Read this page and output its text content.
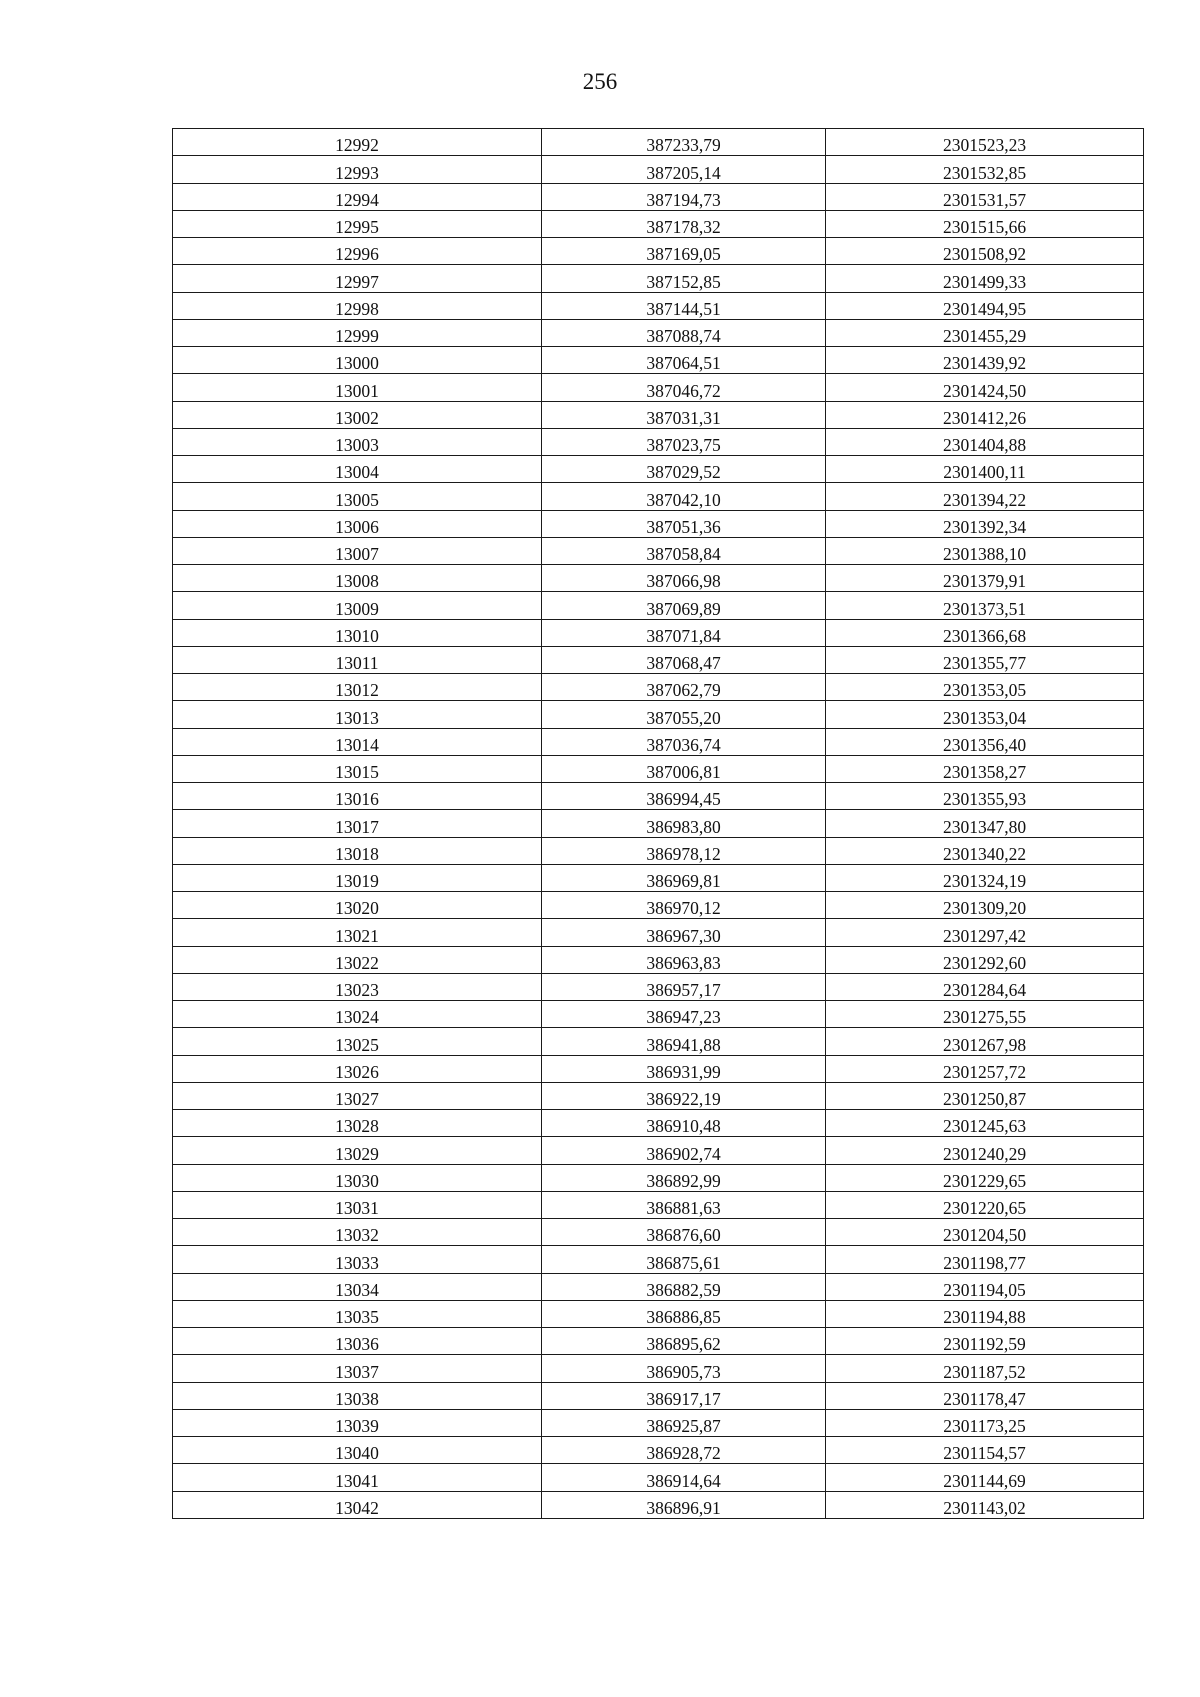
256
12992	387233,79	2301523,23
12993	387205,14	2301532,85
12994	387194,73	2301531,57
12995	387178,32	2301515,66
12996	387169,05	2301508,92
12997	387152,85	2301499,33
12998	387144,51	2301494,95
12999	387088,74	2301455,29
13000	387064,51	2301439,92
13001	387046,72	2301424,50
13002	387031,31	2301412,26
13003	387023,75	2301404,88
13004	387029,52	2301400,11
13005	387042,10	2301394,22
13006	387051,36	2301392,34
13007	387058,84	2301388,10
13008	387066,98	2301379,91
13009	387069,89	2301373,51
13010	387071,84	2301366,68
13011	387068,47	2301355,77
13012	387062,79	2301353,05
13013	387055,20	2301353,04
13014	387036,74	2301356,40
13015	387006,81	2301358,27
13016	386994,45	2301355,93
13017	386983,80	2301347,80
13018	386978,12	2301340,22
13019	386969,81	2301324,19
13020	386970,12	2301309,20
13021	386967,30	2301297,42
13022	386963,83	2301292,60
13023	386957,17	2301284,64
13024	386947,23	2301275,55
13025	386941,88	2301267,98
13026	386931,99	2301257,72
13027	386922,19	2301250,87
13028	386910,48	2301245,63
13029	386902,74	2301240,29
13030	386892,99	2301229,65
13031	386881,63	2301220,65
13032	386876,60	2301204,50
13033	386875,61	2301198,77
13034	386882,59	2301194,05
13035	386886,85	2301194,88
13036	386895,62	2301192,59
13037	386905,73	2301187,52
13038	386917,17	2301178,47
13039	386925,87	2301173,25
13040	386928,72	2301154,57
13041	386914,64	2301144,69
13042	386896,91	2301143,02
